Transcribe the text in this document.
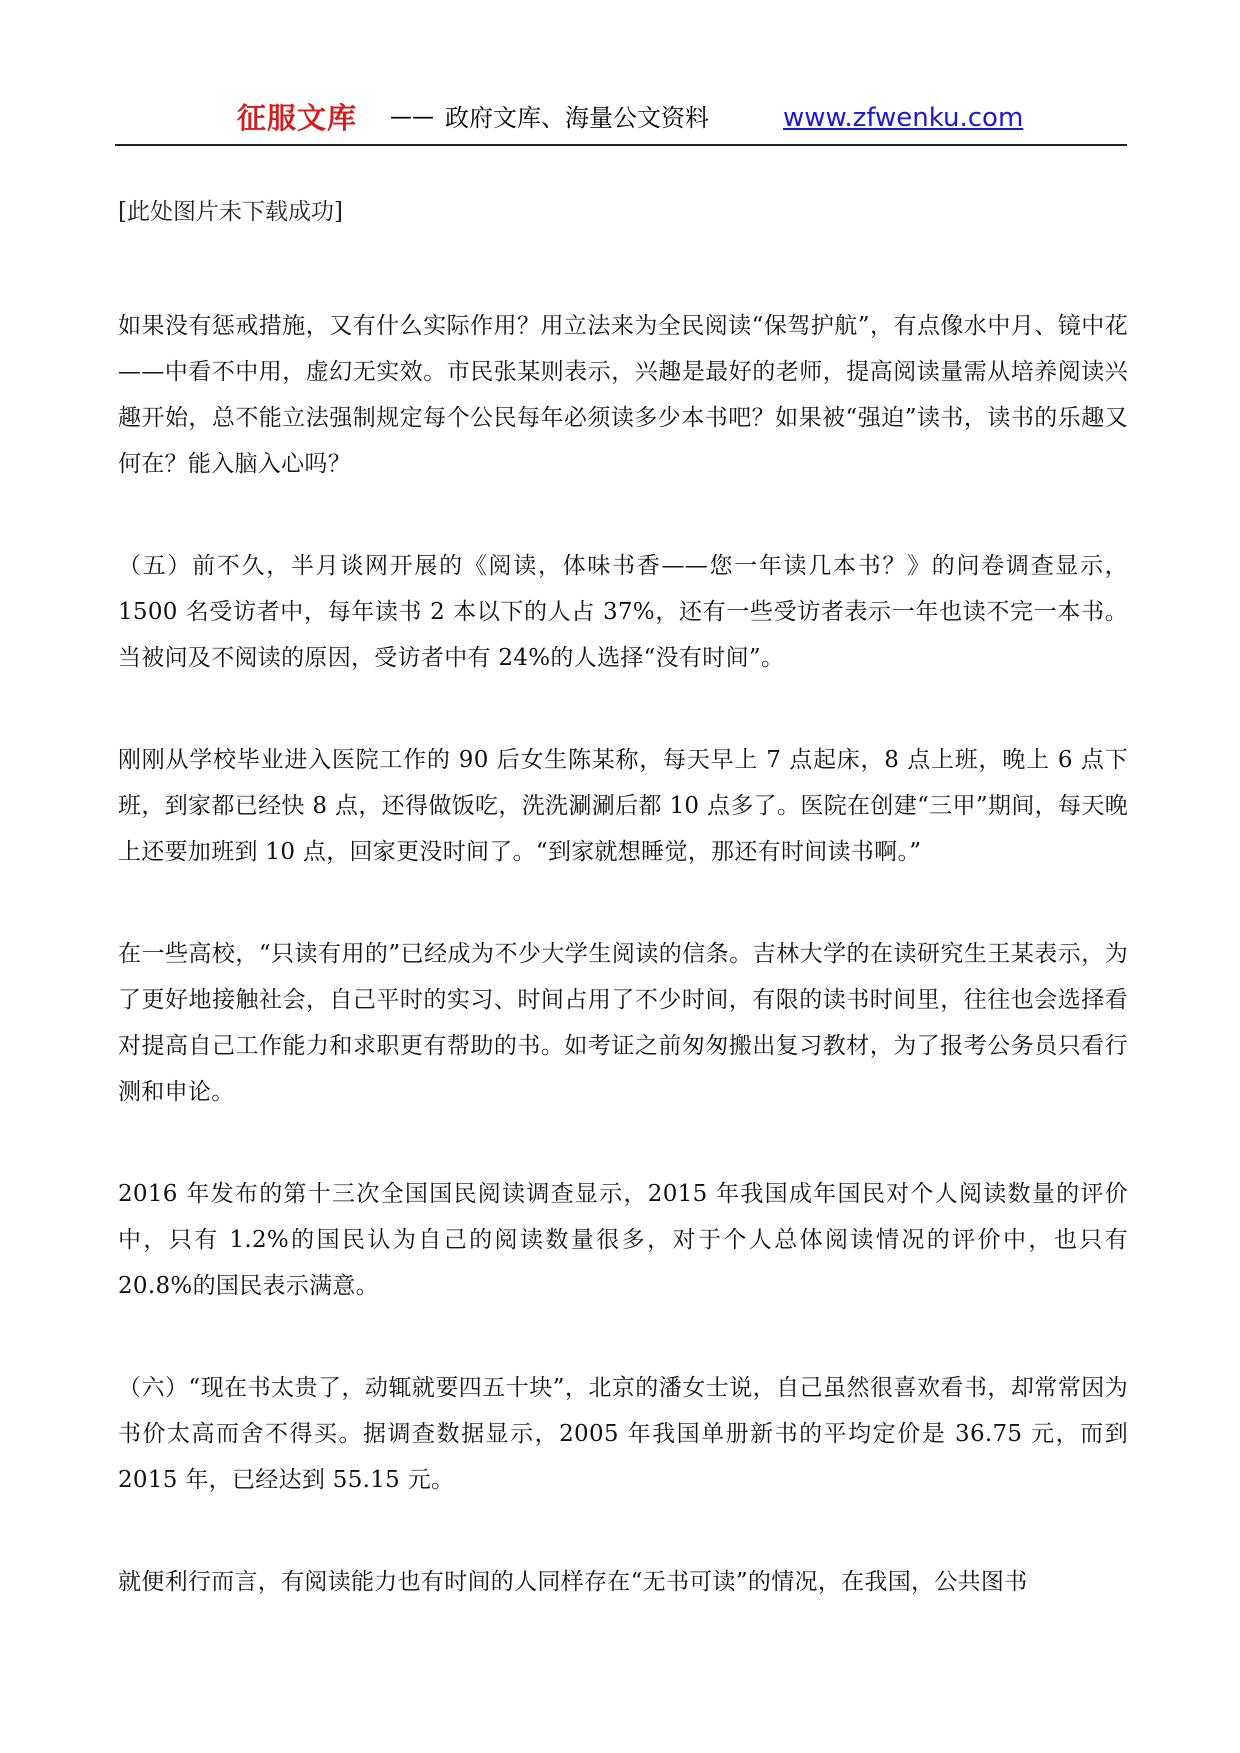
征服文库 —— 政府文库、海量公文资料	www.zfwenku.com

[此处图片未下载成功]

如果没有惩戒措施，又有什么实际作用？用立法来为全民阅读“保驾护航”，有点像水中月、镜中花——中看不中用，虚幻无实效。市民张某则表示，兴趣是最好的老师，提高阅读量需从培养阅读兴趣开始，总不能立法强制规定每个公民每年必须读多少本书吧？如果被“强迫”读书，读书的乐趣又何在？能入脑入心吗？

（五）前不久，半月谈网开展的《阅读，体味书香——您一年读几本书？》的问卷调查显示，1500 名受访者中，每年读书 2 本以下的人占 37%，还有一些受访者表示一年也读不完一本书。当被问及不阅读的原因，受访者中有 24%的人选择“没有时间”。

刚刚从学校毕业进入医院工作的 90 后女生陈某称，每天早上 7 点起床，8 点上班，晚上 6 点下班，到家都已经快 8 点，还得做饭吃，洗洗涮涮后都 10 点多了。医院在创建“三甲”期间，每天晚上还要加班到 10 点，回家更没时间了。“到家就想睡觉，那还有时间读书啊。”

在一些高校，“只读有用的”已经成为不少大学生阅读的信条。吉林大学的在读研究生王某表示，为了更好地接触社会，自己平时的实习、时间占用了不少时间，有限的读书时间里，往往也会选择看对提高自己工作能力和求职更有帮助的书。如考证之前匆匆搬出复习教材，为了报考公务员只看行测和申论。

2016 年发布的第十三次全国国民阅读调查显示，2015 年我国成年国民对个人阅读数量的评价中，只有 1.2%的国民认为自己的阅读数量很多，对于个人总体阅读情况的评价中，也只有 20.8%的国民表示满意。

（六）“现在书太贵了，动辄就要四五十块”，北京的潘女士说，自己虽然很喜欢看书，却常常因为书价太高而舍不得买。据调查数据显示，2005 年我国单册新书的平均定价是 36.75 元，而到 2015 年，已经达到 55.15 元。

就便利行而言，有阅读能力也有时间的人同样存在“无书可读”的情况，在我国，公共图书
